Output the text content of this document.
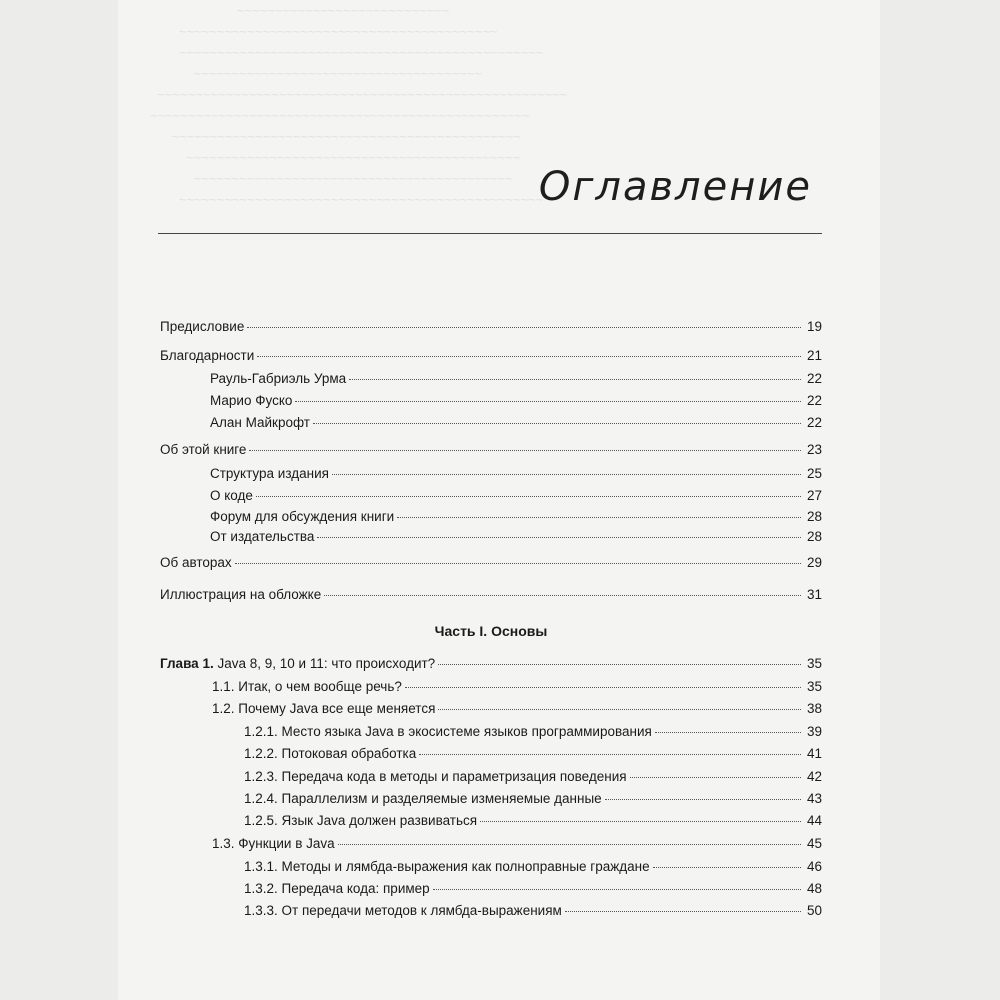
Оглавление
Предисловие	19
Благодарности	21
Рауль-Габриэль Урма	22
Марио Фуско	22
Алан Майкрофт	22
Об этой книге	23
Структура издания	25
О коде	27
Форум для обсуждения книги	28
От издательства	28
Об авторах	29
Иллюстрация на обложке	31
Часть I. Основы
Глава 1. Java 8, 9, 10 и 11: что происходит?	35
1.1. Итак, о чем вообще речь?	35
1.2. Почему Java все еще меняется	38
1.2.1. Место языка Java в экосистеме языков программирования	39
1.2.2. Потоковая обработка	41
1.2.3. Передача кода в методы и параметризация поведения	42
1.2.4. Параллелизм и разделяемые изменяемые данные	43
1.2.5. Язык Java должен развиваться	44
1.3. Функции в Java	45
1.3.1. Методы и лямбда-выражения как полноправные граждане	46
1.3.2. Передача кода: пример	48
1.3.3. От передачи методов к лямбда-выражениям	50
